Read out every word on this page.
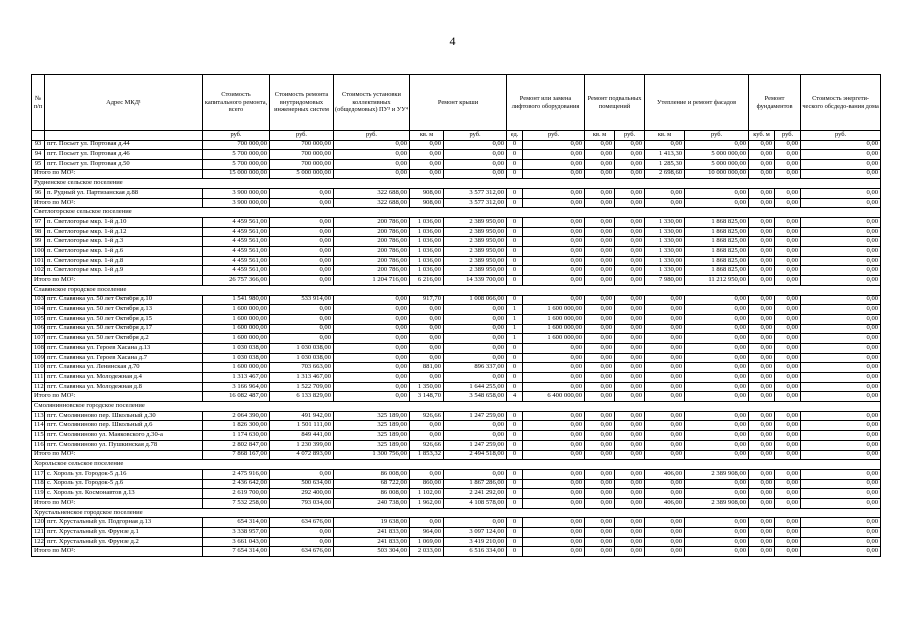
4
№ п/п	Адрес МКД¹	Стоимость капитального ремонта, всего	Стоимость ремонта внутридомовых инженерных систем	Стоимость установки коллективных (общедомовых) ПУ³ и УУ⁴	Ремонт крыши		Ремонт или замена лифтового оборудования		Ремонт подвальных помещений		Утепление и ремонт фасадов		Ремонт фундаментов		Стоимость энергети-ческого обсдедо-вания дома
		руб.	руб.	руб.	кв. м	руб.	ед.	руб.	кв. м	руб.	кв. м	руб.	куб. м	руб.	руб.
93	пгт. Посьет ул. Портовая д.44	700 000,00	700 000,00	0,00	0,00	0,00	0	0,00	0,00	0,00	0,00	0,00	0,00	0,00	0,00
94	пгт. Посьет ул. Портовая д.46	5 700 000,00	700 000,00	0,00	0,00	0,00	0	0,00	0,00	0,00	1 413,30	5 000 000,00	0,00	0,00	0,00
95	пгт. Посьет ул. Портовая д.50	5 700 000,00	700 000,00	0,00	0,00	0,00	0	0,00	0,00	0,00	1 285,30	5 000 000,00	0,00	0,00	0,00
Итого по МО²:		15 000 000,00	5 000 000,00	0,00	0,00	0,00	0	0,00	0,00	0,00	2 698,60	10 000 000,00	0,00	0,00	0,00
Рудненское сельское поселение															
96	п. Рудный ул. Партизанская д.88	3 900 000,00	0,00	322 688,00	908,00	3 577 312,00	0	0,00	0,00	0,00	0,00	0,00	0,00	0,00	0,00
Итого по МО²:		3 900 000,00	0,00	322 688,00	908,00	3 577 312,00	0	0,00	0,00	0,00	0,00	0,00	0,00	0,00	0,00
Светлогорское сельское поселение															
97	п. Светлогорье мкр. 1-й д.10	4 459 561,00	0,00	200 786,00	1 036,00	2 389 950,00	0	0,00	0,00	0,00	1 330,00	1 868 825,00	0,00	0,00	0,00
98	п. Светлогорье мкр. 1-й д.12	4 459 561,00	0,00	200 786,00	1 036,00	2 389 950,00	0	0,00	0,00	0,00	1 330,00	1 868 825,00	0,00	0,00	0,00
99	п. Светлогорье мкр. 1-й д.3	4 459 561,00	0,00	200 786,00	1 036,00	2 389 950,00	0	0,00	0,00	0,00	1 330,00	1 868 825,00	0,00	0,00	0,00
100	п. Светлогорье мкр. 1-й д.6	4 459 561,00	0,00	200 786,00	1 036,00	2 389 950,00	0	0,00	0,00	0,00	1 330,00	1 868 825,00	0,00	0,00	0,00
101	п. Светлогорье мкр. 1-й д.8	4 459 561,00	0,00	200 786,00	1 036,00	2 389 950,00	0	0,00	0,00	0,00	1 330,00	1 868 825,00	0,00	0,00	0,00
102	п. Светлогорье мкр. 1-й д.9	4 459 561,00	0,00	200 786,00	1 036,00	2 389 950,00	0	0,00	0,00	0,00	1 330,00	1 868 825,00	0,00	0,00	0,00
Итого по МО²:		26 757 366,00	0,00	1 204 716,00	6 216,00	14 339 700,00	0	0,00	0,00	0,00	7 980,00	11 212 950,00	0,00	0,00	0,00
Славянское городское поселение															
103	пгт. Славянка ул. 50 лет Октября д.10	1 541 980,00	533 914,00	0,00	917,70	1 008 066,00	0	0,00	0,00	0,00	0,00	0,00	0,00	0,00	0,00
104	пгт. Славянка ул. 50 лет Октября д.13	1 600 000,00	0,00	0,00	0,00	0,00	1	1 600 000,00	0,00	0,00	0,00	0,00	0,00	0,00	0,00
105	пгт. Славянка ул. 50 лет Октября д.15	1 600 000,00	0,00	0,00	0,00	0,00	1	1 600 000,00	0,00	0,00	0,00	0,00	0,00	0,00	0,00
106	пгт. Славянка ул. 50 лет Октября д.17	1 600 000,00	0,00	0,00	0,00	0,00	1	1 600 000,00	0,00	0,00	0,00	0,00	0,00	0,00	0,00
107	пгт. Славянка ул. 50 лет Октября д.2	1 600 000,00	0,00	0,00	0,00	0,00	1	1 600 000,00	0,00	0,00	0,00	0,00	0,00	0,00	0,00
108	пгт. Славянка ул. Героев Хасана д.13	1 030 038,00	1 030 038,00	0,00	0,00	0,00	0	0,00	0,00	0,00	0,00	0,00	0,00	0,00	0,00
109	пгт. Славянка ул. Героев Хасана д.7	1 030 038,00	1 030 038,00	0,00	0,00	0,00	0	0,00	0,00	0,00	0,00	0,00	0,00	0,00	0,00
110	пгт. Славянка ул. Ленинская д.70	1 600 000,00	703 663,00	0,00	881,00	896 337,00	0	0,00	0,00	0,00	0,00	0,00	0,00	0,00	0,00
111	пгт. Славянка ул. Молодежная д.4	1 313 467,00	1 313 467,00	0,00	0,00	0,00	0	0,00	0,00	0,00	0,00	0,00	0,00	0,00	0,00
112	пгт. Славянка ул. Молодежная д.8	3 166 964,00	1 522 709,00	0,00	1 350,00	1 644 255,00	0	0,00	0,00	0,00	0,00	0,00	0,00	0,00	0,00
Итого по МО²:		16 082 487,00	6 133 829,00	0,00	3 148,70	3 548 658,00	4	6 400 000,00	0,00	0,00	0,00	0,00	0,00	0,00	0,00
Смолянинновское городское поселение															
113	пгт. Смоляниново пер. Школьный д.30	2 064 390,00	491 942,00	325 189,00	926,66	1 247 259,00	0	0,00	0,00	0,00	0,00	0,00	0,00	0,00	0,00
114	пгт. Смоляниново пер. Школьный д.6	1 826 300,00	1 501 111,00	325 189,00	0,00	0,00	0	0,00	0,00	0,00	0,00	0,00	0,00	0,00	0,00
115	пгт. Смоляниново ул. Маяковского д.30-а	1 174 630,00	849 441,00	325 189,00	0,00	0,00	0	0,00	0,00	0,00	0,00	0,00	0,00	0,00	0,00
116	пгт. Смоляниново ул. Пушкинская д.78	2 802 847,00	1 230 399,00	325 189,00	926,66	1 247 259,00	0	0,00	0,00	0,00	0,00	0,00	0,00	0,00	0,00
Итого по МО²:		7 868 167,00	4 072 893,00	1 300 756,00	1 853,32	2 494 518,00	0	0,00	0,00	0,00	0,00	0,00	0,00	0,00	0,00
Хорольское сельское поселение															
117	с. Хороль ул. Городок-5 д.16	2 475 916,00	0,00	86 008,00	0,00	0,00	0	0,00	0,00	0,00	406,00	2 389 908,00	0,00	0,00	0,00
118	с. Хороль ул. Городок-5 д.6	2 436 642,00	500 634,00	68 722,00	860,00	1 867 286,00	0	0,00	0,00	0,00	0,00	0,00	0,00	0,00	0,00
119	с. Хороль ул. Космонавтов д.13	2 619 700,00	292 400,00	86 008,00	1 102,00	2 241 292,00	0	0,00	0,00	0,00	0,00	0,00	0,00	0,00	0,00
Итого по МО²:		7 532 258,00	793 034,00	240 738,00	1 962,00	4 108 578,00	0	0,00	0,00	0,00	406,00	2 389 908,00	0,00	0,00	0,00
Хрустальненское городское поселение															
120	пгт. Хрустальный ул. Подгорная д.13	654 314,00	634 676,00	19 638,00	0,00	0,00	0	0,00	0,00	0,00	0,00	0,00	0,00	0,00	0,00
121	пгт. Хрустальный ул. Фрунзе д.1	3 338 957,00	0,00	241 833,00	964,00	3 097 124,00	0	0,00	0,00	0,00	0,00	0,00	0,00	0,00	0,00
122	пгт. Хрустальный ул. Фрунзе д.2	3 661 043,00	0,00	241 833,00	1 069,00	3 419 210,00	0	0,00	0,00	0,00	0,00	0,00	0,00	0,00	0,00
Итого по МО²:		7 654 314,00	634 676,00	503 304,00	2 033,00	6 516 334,00	0	0,00	0,00	0,00	0,00	0,00	0,00	0,00	0,00
